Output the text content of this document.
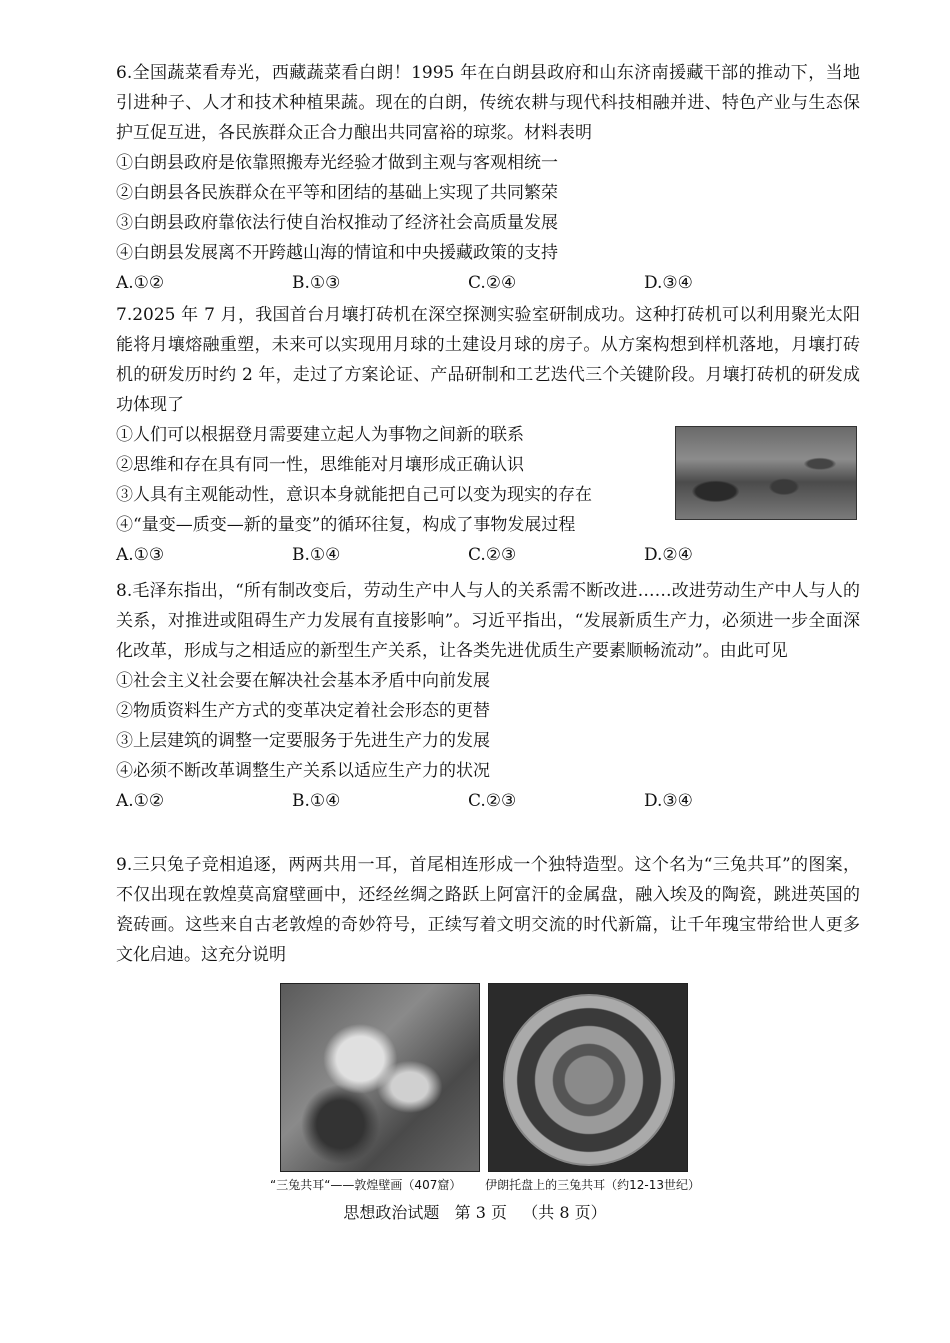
6.全国蔬菜看寿光，西藏蔬菜看白朗！1995 年在白朗县政府和山东济南援藏干部的推动下，当地引进种子、人才和技术种植果蔬。现在的白朗，传统农耕与现代科技相融并进、特色产业与生态保护互促互进，各民族群众正合力酿出共同富裕的琼浆。材料表明

①白朗县政府是依靠照搬寿光经验才做到主观与客观相统一

②白朗县各民族群众在平等和团结的基础上实现了共同繁荣

③白朗县政府靠依法行使自治权推动了经济社会高质量发展

④白朗县发展离不开跨越山海的情谊和中央援藏政策的支持

A.①②	B.①③	C.②④	D.③④

7.2025 年 7 月，我国首台月壤打砖机在深空探测实验室研制成功。这种打砖机可以利用聚光太阳能将月壤熔融重塑，未来可以实现用月球的土建设月球的房子。从方案构想到样机落地，月壤打砖机的研发历时约 2 年，走过了方案论证、产品研制和工艺迭代三个关键阶段。月壤打砖机的研发成功体现了

①人们可以根据登月需要建立起人为事物之间新的联系

②思维和存在具有同一性，思维能对月壤形成正确认识

③人具有主观能动性，意识本身就能把自己可以变为现实的存在

④“量变—质变—新的量变”的循环往复，构成了事物发展过程

A.①③	B.①④	C.②③	D.②④

8.毛泽东指出，“所有制改变后，劳动生产中人与人的关系需不断改进……改进劳动生产中人与人的关系，对推进或阻碍生产力发展有直接影响”。习近平指出，“发展新质生产力，必须进一步全面深化改革，形成与之相适应的新型生产关系，让各类先进优质生产要素顺畅流动”。由此可见

①社会主义社会要在解决社会基本矛盾中向前发展

②物质资料生产方式的变革决定着社会形态的更替

③上层建筑的调整一定要服务于先进生产力的发展

④必须不断改革调整生产关系以适应生产力的状况

A.①②	B.①④	C.②③	D.③④

9.三只兔子竞相追逐，两两共用一耳，首尾相连形成一个独特造型。这个名为“三兔共耳”的图案，不仅出现在敦煌莫高窟壁画中，还经丝绸之路跃上阿富汗的金属盘，融入埃及的陶瓷，跳进英国的瓷砖画。这些来自古老敦煌的奇妙符号，正续写着文明交流的时代新篇，让千年瑰宝带给世人更多文化启迪。这充分说明

“三兔共耳“——敦煌壁画（407窟） 伊朗托盘上的三兔共耳（约12-13世纪）
思想政治试题   第 3 页   （共 8 页）
